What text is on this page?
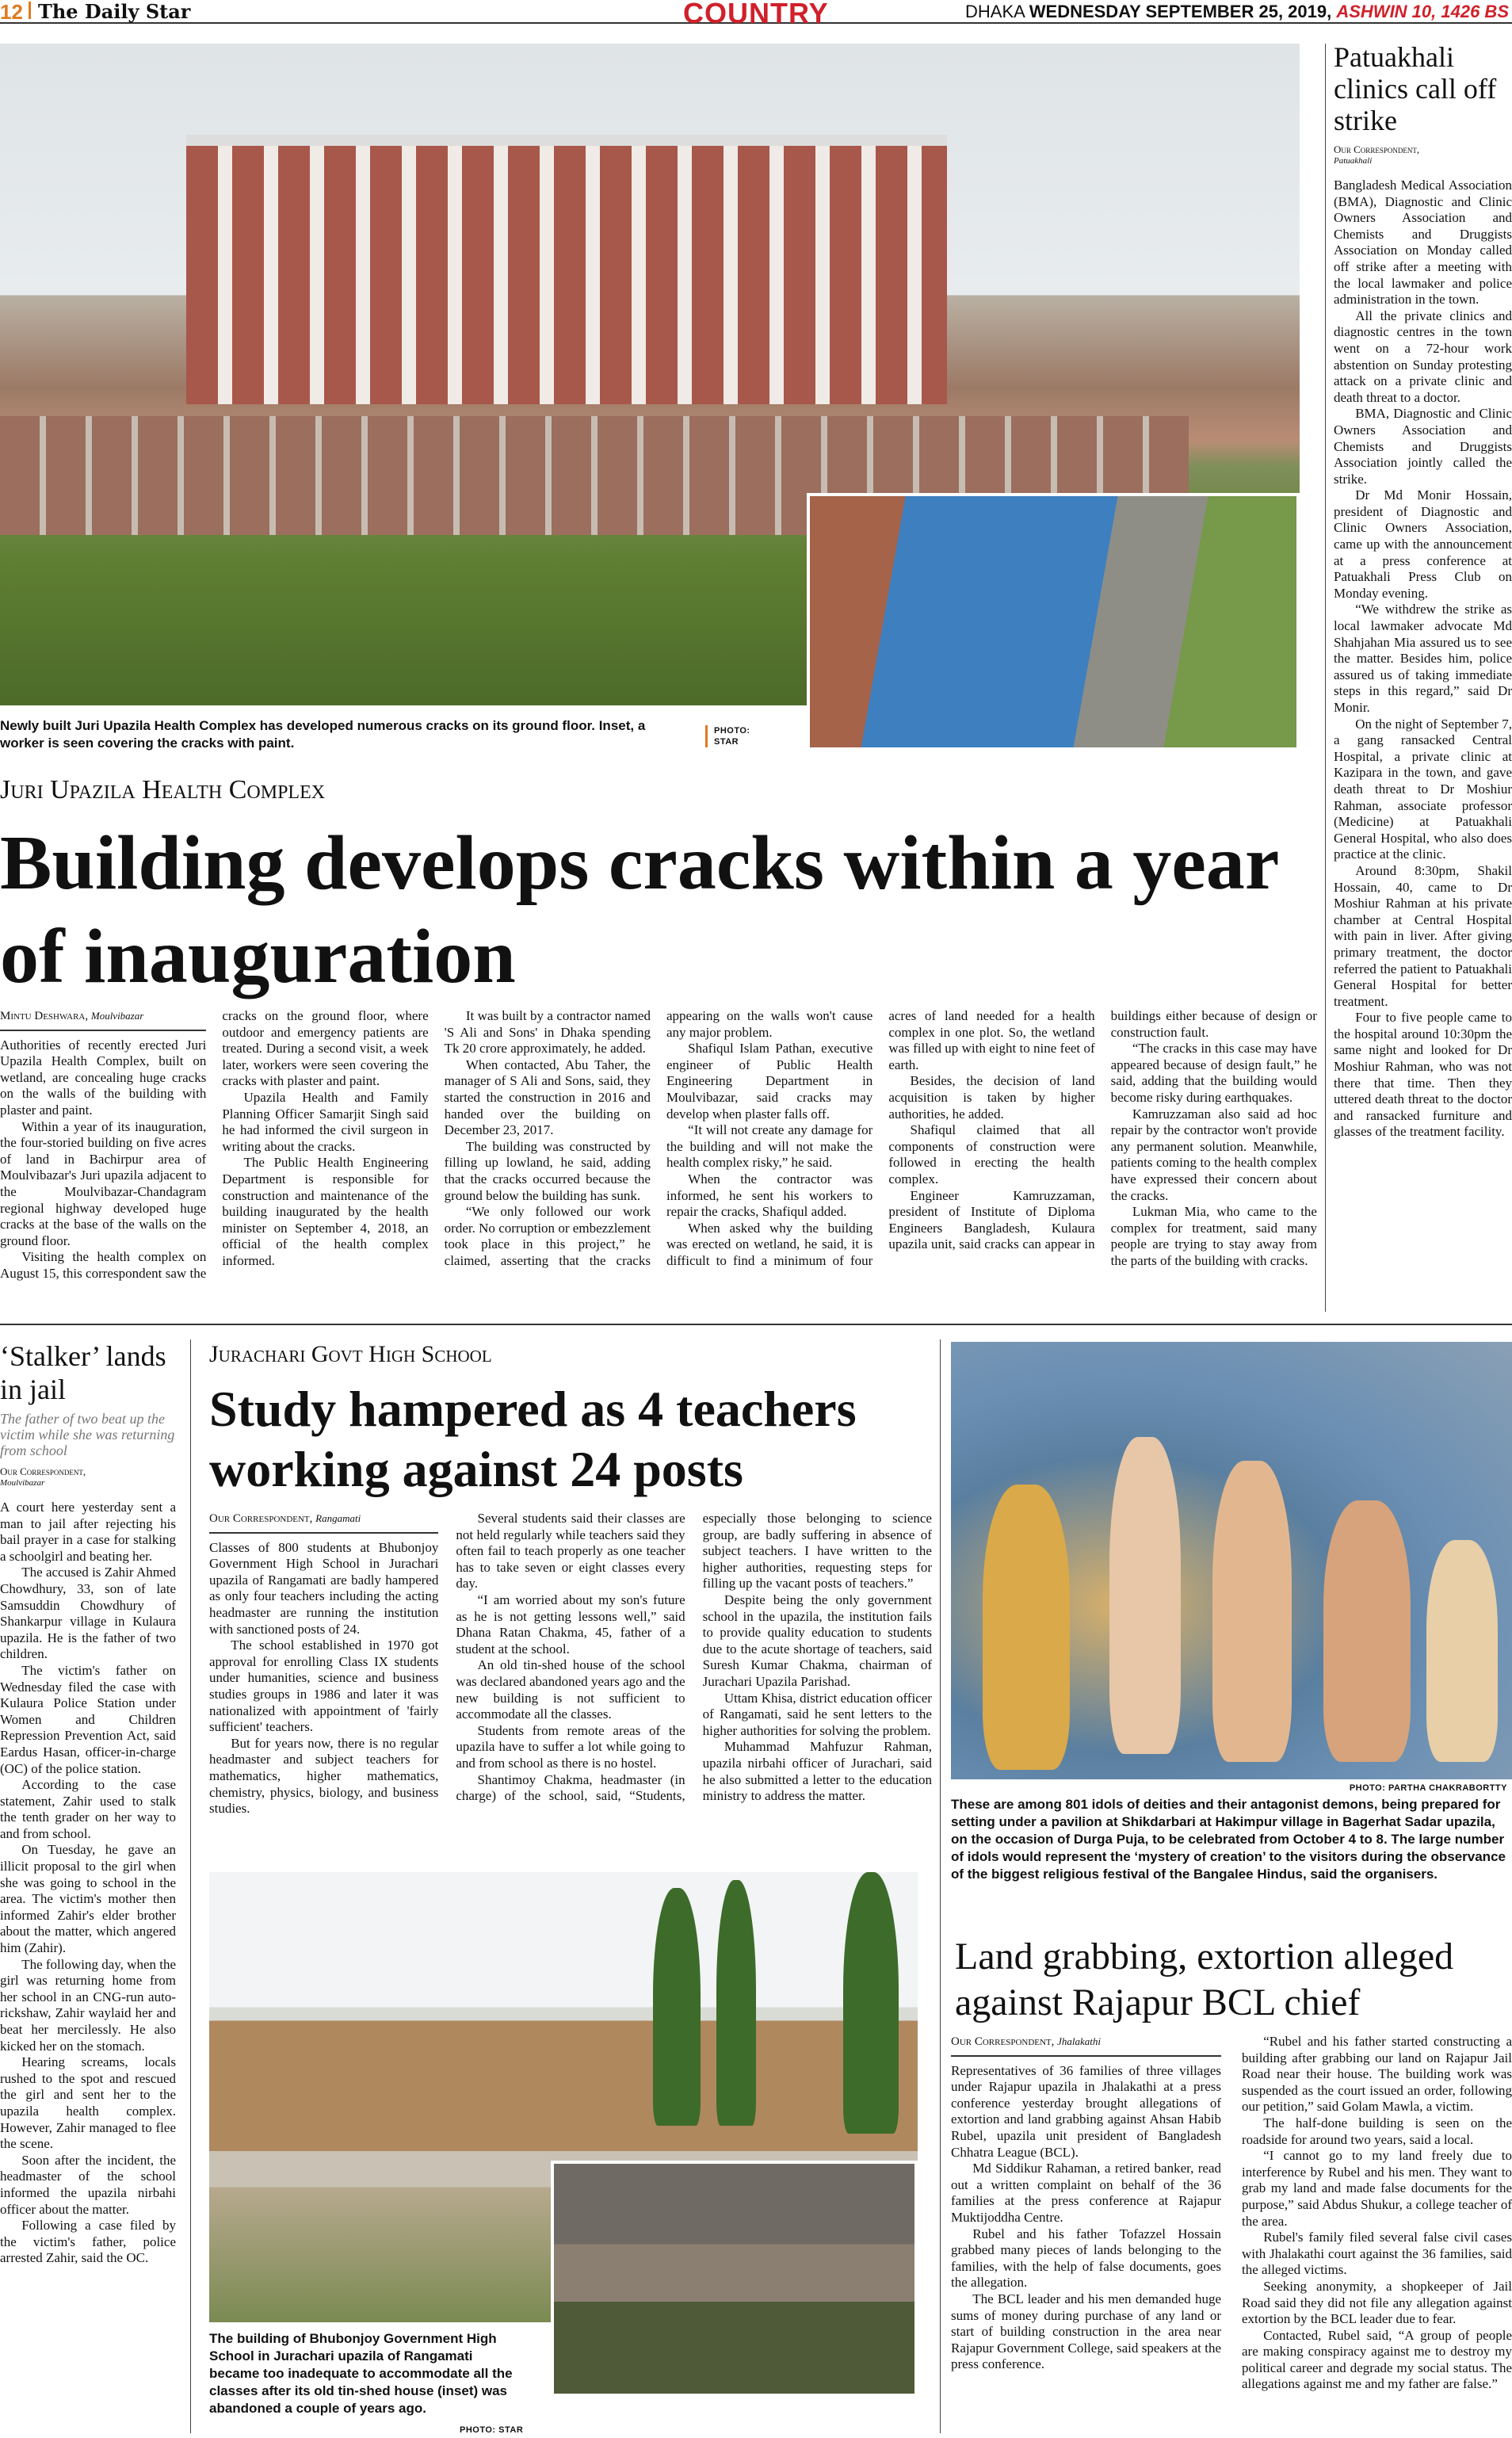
12 The Daily Star	COUNTRY	DHAKA WEDNESDAY SEPTEMBER 25, 2019, ASHWIN 10, 1426 BS
Newly built Juri Upazila Health Complex has developed numerous cracks on its ground floor. Inset, a worker is seen covering the cracks with paint.
PHOTO:
STAR
Juri Upazila Health Complex
Building develops cracks within a year of inauguration
Mintu Deshwara, Moulvibazar

Authorities of recently erected Juri Upazila Health Complex, built on wetland, are concealing huge cracks on the walls of the building with plaster and paint.

Within a year of its inauguration, the four-storied building on five acres of land in Bachirpur area of Moulvibazar's Juri upazila adjacent to the Moulvibazar-Chandagram regional highway developed huge cracks at the base of the walls on the ground floor.

Visiting the health complex on August 15, this correspondent saw the cracks on the ground floor, where outdoor and emergency patients are treated. During a second visit, a week later, workers were seen covering the cracks with plaster and paint.

Upazila Health and Family Planning Officer Samarjit Singh said he had informed the civil surgeon in writing about the cracks.

The Public Health Engineering Department is responsible for construction and maintenance of the building inaugurated by the health minister on September 4, 2018, an official of the health complex informed.

It was built by a contractor named 'S Ali and Sons' in Dhaka spending Tk 20 crore approximately, he added.

When contacted, Abu Taher, the manager of S Ali and Sons, said, they started the construction in 2016 and handed over the building on December 23, 2017.

The building was constructed by filling up lowland, he said, adding that the cracks occurred because the ground below the building has sunk.

“We only followed our work order. No corruption or embezzlement took place in this project,” he claimed, asserting that the cracks appearing on the walls won't cause any major problem.

Shafiqul Islam Pathan, executive engineer of Public Health Engineering Department in Moulvibazar, said cracks may develop when plaster falls off.

“It will not create any damage for the building and will not make the health complex risky,” he said.

When the contractor was informed, he sent his workers to repair the cracks, Shafiqul added.

When asked why the building was erected on wetland, he said, it is difficult to find a minimum of four acres of land needed for a health complex in one plot. So, the wetland was filled up with eight to nine feet of earth.

Besides, the decision of land acquisition is taken by higher authorities, he added.

Shafiqul claimed that all components of construction were followed in erecting the health complex.

Engineer Kamruzzaman, president of Institute of Diploma Engineers Bangladesh, Kulaura upazila unit, said cracks can appear in buildings either because of design or construction fault.

“The cracks in this case may have appeared because of design fault,” he said, adding that the building would become risky during earthquakes.

Kamruzzaman also said ad hoc repair by the contractor won't provide any permanent solution. Meanwhile, patients coming to the health complex have expressed their concern about the cracks.

Lukman Mia, who came to the complex for treatment, said many people are trying to stay away from the parts of the building with cracks.

Patuakhali clinics call off strike
Our Correspondent,
Patuakhali

Bangladesh Medical Association (BMA), Diagnostic and Clinic Owners Association and Chemists and Druggists Association on Monday called off strike after a meeting with the local lawmaker and police administration in the town.

All the private clinics and diagnostic centres in the town went on a 72-hour work abstention on Sunday protesting attack on a private clinic and death threat to a doctor.

BMA, Diagnostic and Clinic Owners Association and Chemists and Druggists Association jointly called the strike.

Dr Md Monir Hossain, president of Diagnostic and Clinic Owners Association, came up with the announcement at a press conference at Patuakhali Press Club on Monday evening.

“We withdrew the strike as local lawmaker advocate Md Shahjahan Mia assured us to see the matter. Besides him, police assured us of taking immediate steps in this regard,” said Dr Monir.

On the night of September 7, a gang ransacked Central Hospital, a private clinic at Kazipara in the town, and gave death threat to Dr Moshiur Rahman, associate professor (Medicine) at Patuakhali General Hospital, who also does practice at the clinic.

Around 8:30pm, Shakil Hossain, 40, came to Dr Moshiur Rahman at his private chamber at Central Hospital with pain in liver. After giving primary treatment, the doctor referred the patient to Patuakhali General Hospital for better treatment.

Four to five people came to the hospital around 10:30pm the same night and looked for Dr Moshiur Rahman, who was not there that time. Then they uttered death threat to the doctor and ransacked furniture and glasses of the treatment facility.

‘Stalker’ lands in jail
The father of two beat up the victim while she was returning from school
Our Correspondent,
Moulvibazar

A court here yesterday sent a man to jail after rejecting his bail prayer in a case for stalking a schoolgirl and beating her.

The accused is Zahir Ahmed Chowdhury, 33, son of late Samsuddin Chowdhury of Shankarpur village in Kulaura upazila. He is the father of two children.

The victim's father on Wednesday filed the case with Kulaura Police Station under Women and Children Repression Prevention Act, said Eardus Hasan, officer-in-charge (OC) of the police station.

According to the case statement, Zahir used to stalk the tenth grader on her way to and from school.

On Tuesday, he gave an illicit proposal to the girl when she was going to school in the area. The victim's mother then informed Zahir's elder brother about the matter, which angered him (Zahir).

The following day, when the girl was returning home from her school in an CNG-run auto-rickshaw, Zahir waylaid her and beat her mercilessly. He also kicked her on the stomach.

Hearing screams, locals rushed to the spot and rescued the girl and sent her to the upazila health complex. However, Zahir managed to flee the scene.

Soon after the incident, the headmaster of the school informed the upazila nirbahi officer about the matter.

Following a case filed by the victim's father, police arrested Zahir, said the OC.

Jurachari Govt High School
Study hampered as 4 teachers working against 24 posts
Our Correspondent, Rangamati

Classes of 800 students at Bhubonjoy Government High School in Jurachari upazila of Rangamati are badly hampered as only four teachers including the acting headmaster are running the institution with sanctioned posts of 24.

The school established in 1970 got approval for enrolling Class IX students under humanities, science and business studies groups in 1986 and later it was nationalized with appointment of 'fairly sufficient' teachers.

But for years now, there is no regular headmaster and subject teachers for mathematics, higher mathematics, chemistry, physics, biology, and business studies.

Several students said their classes are not held regularly while teachers said they often fail to teach properly as one teacher has to take seven or eight classes every day.

“I am worried about my son's future as he is not getting lessons well,” said Dhana Ratan Chakma, 45, father of a student at the school.

An old tin-shed house of the school was declared abandoned years ago and the new building is not sufficient to accommodate all the classes.

Students from remote areas of the upazila have to suffer a lot while going to and from school as there is no hostel.

Shantimoy Chakma, headmaster (in charge) of the school, said, “Students, especially those belonging to science group, are badly suffering in absence of subject teachers. I have written to the higher authorities, requesting steps for filling up the vacant posts of teachers.”

Despite being the only government school in the upazila, the institution fails to provide quality education to students due to the acute shortage of teachers, said Suresh Kumar Chakma, chairman of Jurachari Upazila Parishad.

Uttam Khisa, district education officer of Rangamati, said he sent letters to the higher authorities for solving the problem.

Muhammad Mahfuzur Rahman, upazila nirbahi officer of Jurachari, said he also submitted a letter to the education ministry to address the matter.

The building of Bhubonjoy Government High School in Jurachari upazila of Rangamati became too inadequate to accommodate all the classes after its old tin-shed house (inset) was abandoned a couple of years ago.
PHOTO: STAR
PHOTO: PARTHA CHAKRABORTTY
These are among 801 idols of deities and their antagonist demons, being prepared for setting under a pavilion at Shikdarbari at Hakimpur village in Bagerhat Sadar upazila, on the occasion of Durga Puja, to be celebrated from October 4 to 8. The large number of idols would represent the ‘mystery of creation’ to the visitors during the observance of the biggest religious festival of the Bangalee Hindus, said the organisers.
Land grabbing, extortion alleged against Rajapur BCL chief
Our Correspondent, Jhalakathi

Representatives of 36 families of three villages under Rajapur upazila in Jhalakathi at a press conference yesterday brought allegations of extortion and land grabbing against Ahsan Habib Rubel, upazila unit president of Bangladesh Chhatra League (BCL).

Md Siddikur Rahaman, a retired banker, read out a written complaint on behalf of the 36 families at the press conference at Rajapur Muktijoddha Centre.

Rubel and his father Tofazzel Hossain grabbed many pieces of lands belonging to the families, with the help of false documents, goes the allegation.

The BCL leader and his men demanded huge sums of money during purchase of any land or start of building construction in the area near Rajapur Government College, said speakers at the press conference.

“Rubel and his father started constructing a building after grabbing our land on Rajapur Jail Road near their house. The building work was suspended as the court issued an order, following our petition,” said Golam Mawla, a victim.

The half-done building is seen on the roadside for around two years, said a local.

“I cannot go to my land freely due to interference by Rubel and his men. They want to grab my land and made false documents for the purpose,” said Abdus Shukur, a college teacher of the area.

Rubel's family filed several false civil cases with Jhalakathi court against the 36 families, said the alleged victims.

Seeking anonymity, a shopkeeper of Jail Road said they did not file any allegation against extortion by the BCL leader due to fear.

Contacted, Rubel said, “A group of people are making conspiracy against me to destroy my political career and degrade my social status. The allegations against me and my father are false.”
